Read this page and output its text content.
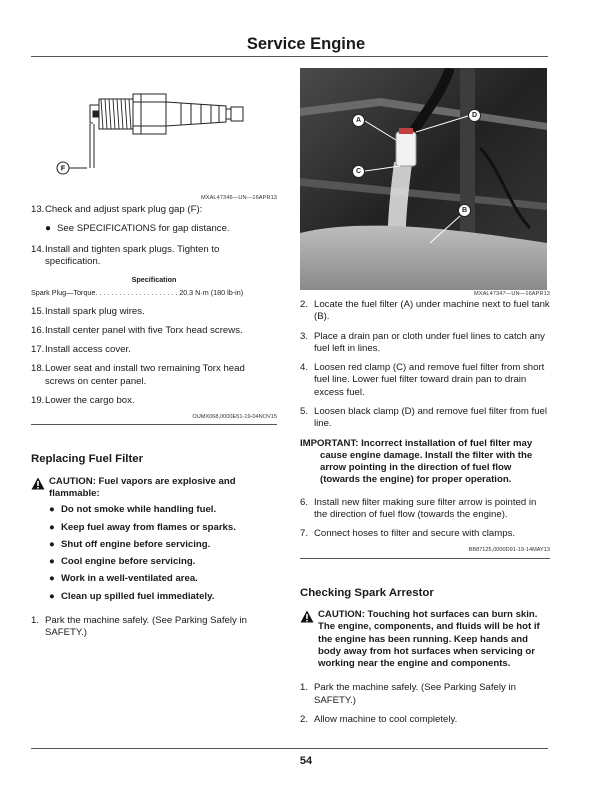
Service Engine
F
MXAL47346—UN—16APR13
13. Check and adjust spark plug gap (F):
● See SPECIFICATIONS for gap distance.
14. Install and tighten spark plugs. Tighten to specification.
Specification
Spark Plug—Torque. . . . . . . . . . . . . . . . . . . . . 20.3 N·m (180 lb-in)
15. Install spark plug wires.
16. Install center panel with five Torx head screws.
17. Install access cover.
18. Lower seat and install two remaining Torx head screws on center panel.
19. Lower the cargo box.
OUMX068,0000E51-19-04NOV15
Replacing Fuel Filter
CAUTION: Fuel vapors are explosive and flammable:
● Do not smoke while handling fuel.
● Keep fuel away from flames or sparks.
● Shut off engine before servicing.
● Cool engine before servicing.
● Work in a well-ventilated area.
● Clean up spilled fuel immediately.
1. Park the machine safely. (See Parking Safely in SAFETY.)
A
D
C
B
MXAL47347—UN—16APR13
2. Locate the fuel filter (A) under machine next to fuel tank (B).
3. Place a drain pan or cloth under fuel lines to catch any fuel left in lines.
4. Loosen red clamp (C) and remove fuel filter from short fuel line. Lower fuel filter toward drain pan to drain excess fuel.
5. Loosen black clamp (D) and remove fuel filter from fuel line.
IMPORTANT: Incorrect installation of fuel filter may
cause engine damage. Install the filter with the arrow pointing in the direction of fuel flow (towards the engine) for proper operation.
6. Install new filter making sure filter arrow is pointed in the direction of fuel flow (towards the engine).
7. Connect hoses to filter and secure with clamps.
BB87125,0000D91-19-14MAY13
Checking Spark Arrestor
CAUTION: Touching hot surfaces can burn skin. The engine, components, and fluids will be hot if the engine has been running. Keep hands and body away from hot surfaces when servicing or working near the engine and components.
1. Park the machine safely. (See Parking Safely in SAFETY.)
2. Allow machine to cool completely.
54
